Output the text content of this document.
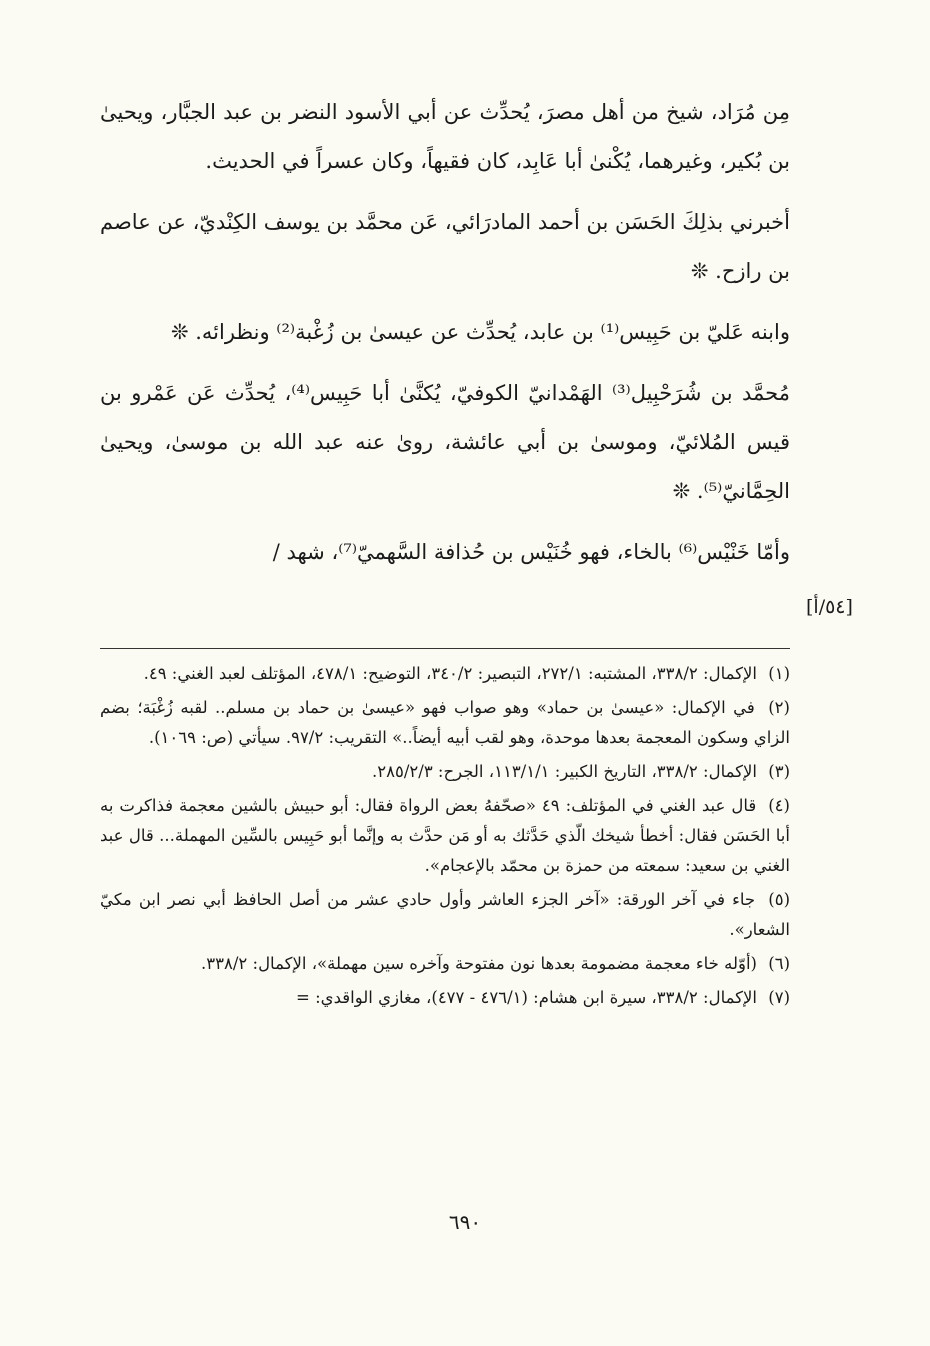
مِن مُرَاد، شيخ من أهل مصرَ، يُحدِّث عن أبي الأسود النضر بن عبد الجبَّار، ويحيىٰ بن بُكير، وغيرهما، يُكْنىٰ أبا عَابِد، كان فقيهاً، وكان عسراً في الحديث.

أخبرني بذلِكَ الحَسَن بن أحمد المادرَائي، عَن محمَّد بن يوسف الكِنْديّ، عن عاصم بن رازح. ❊

وابنه عَليّ بن حَبِيس⁽¹⁾ بن عابد، يُحدِّث عن عيسىٰ بن زُغْبة⁽²⁾ ونظرائه. ❊

مُحمَّد بن شُرَحْبِيل⁽³⁾ الهَمْدانيّ الكوفيّ، يُكنَّىٰ أبا حَبِيس⁽⁴⁾، يُحدِّث عَن عَمْرو بن قيس المُلائيّ، وموسىٰ بن أبي عائشة، روىٰ عنه عبد الله بن موسىٰ، ويحيىٰ الحِمَّانيّ⁽⁵⁾. ❊

وأمّا خَنْيْس⁽⁶⁾ بالخاء، فهو خُنَيْس بن حُذافة السَّهميّ⁽⁷⁾، شهد /

[٥٤/أ]
(١) الإكمال: ٣٣٨/٢، المشتبه: ٢٧٢/١، التبصير: ٣٤٠/٢، التوضيح: ٤٧٨/١، المؤتلف لعبد الغني: ٤٩.
(٢) في الإكمال: «عيسىٰ بن حماد» وهو صواب فهو «عيسىٰ بن حماد بن مسلم.. لقبه زُغْبَة؛ بضم الزاي وسكون المعجمة بعدها موحدة، وهو لقب أبيه أيضاً..» التقريب: ٩٧/٢. سيأتي (ص: ١٠٦٩).
(٣) الإكمال: ٣٣٨/٢، التاريخ الكبير: ١١٣/١/١، الجرح: ٢٨٥/٢/٣.
(٤) قال عبد الغني في المؤتلف: ٤٩ «صحّفهُ بعض الرواة فقال: أبو حبيش بالشين معجمة فذاكرت به أبا الحَسَن فقال: أخطأ شيخك الّذي حَدَّثك به أو مَن حدَّث به وإنَّما أبو حَبِيس بالسِّين المهملة... قال عبد الغني بن سعيد: سمعته من حمزة بن محمّد بالإعجام».
(٥) جاء في آخر الورقة: «آخر الجزء العاشر وأول حادي عشر من أصل الحافظ أبي نصر ابن مكيّ الشعار».
(٦) (أوّله خاء معجمة مضمومة بعدها نون مفتوحة وآخره سين مهملة»، الإكمال: ٣٣٨/٢.
(٧) الإكمال: ٣٣٨/٢، سيرة ابن هشام: (٤٧٦/١ - ٤٧٧)، مغازي الواقدي: =
٦٩٠
